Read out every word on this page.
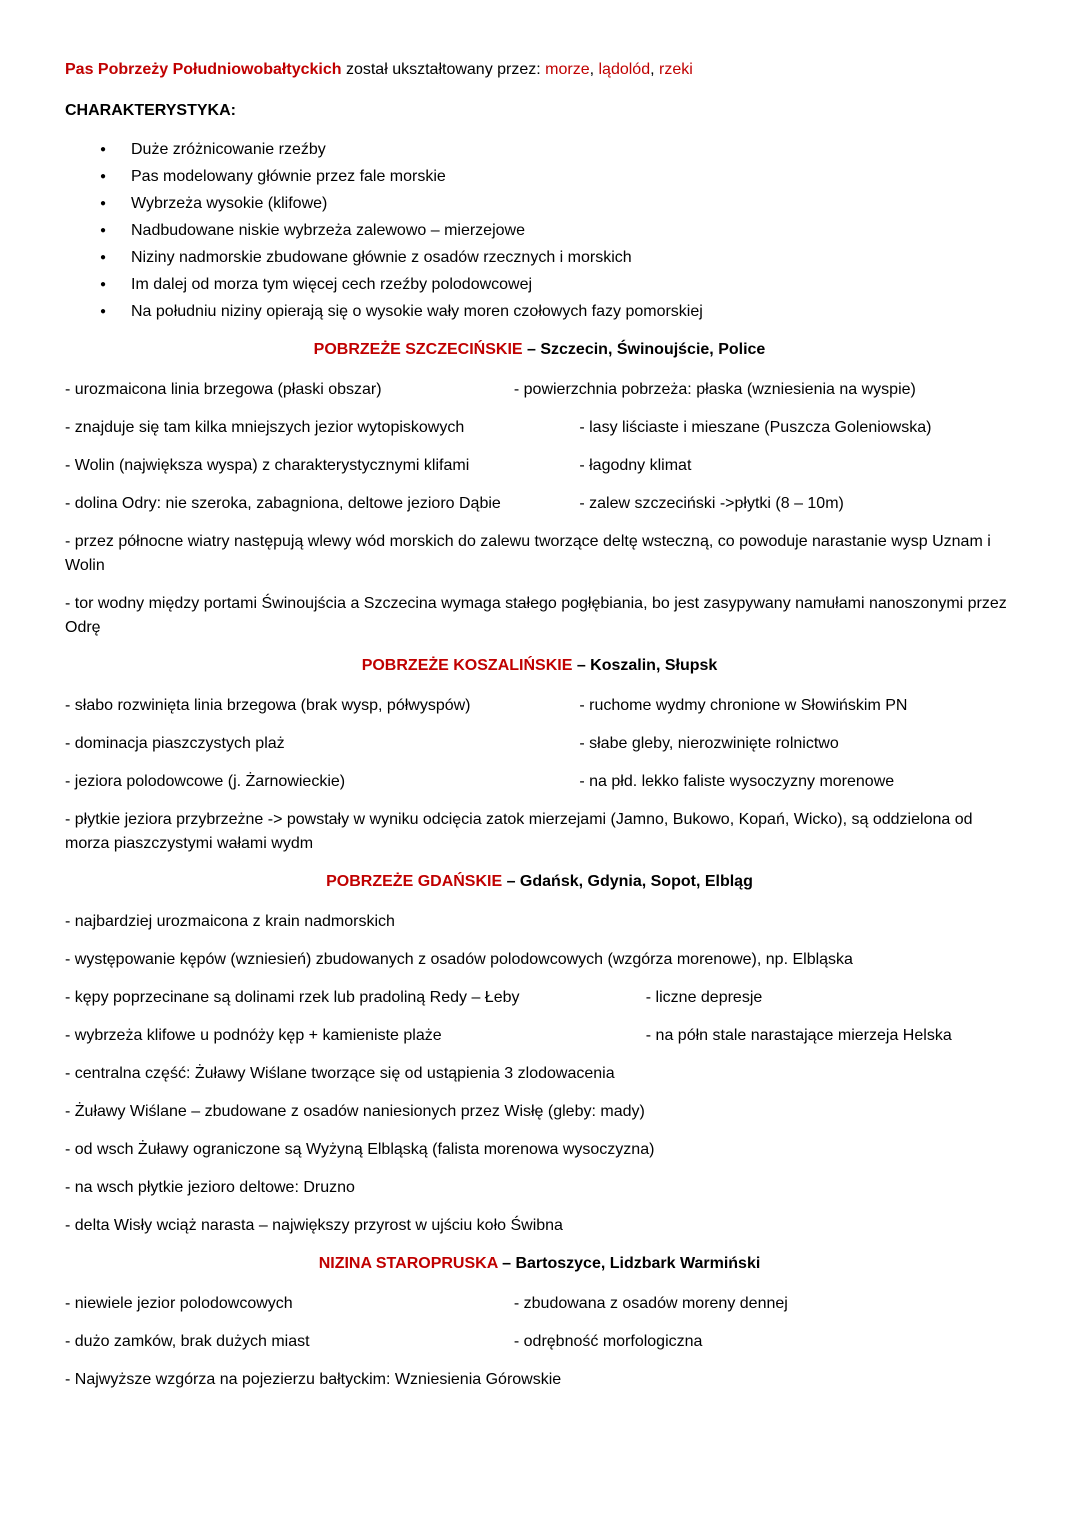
Pas Pobrzeży Południowobałtyckich został ukształtowany przez: morze, lądolód, rzeki

CHARAKTERYSTYKA:

● Duże zróżnicowanie rzeźby
● Pas modelowany głównie przez fale morskie
● Wybrzeża wysokie (klifowe)
● Nadbudowane niskie wybrzeża zalewowo – mierzejowe
● Niziny nadmorskie zbudowane głównie z osadów rzecznych i morskich
● Im dalej od morza tym więcej cech rzeźby polodowcowej
● Na południu niziny opierają się o wysokie wały moren czołowych fazy pomorskiej
POBRZEŻE SZCZECIŃSKIE – Szczecin, Świnoujście, Police
- urozmaicona linia brzegowa (płaski obszar)	- powierzchnia pobrzeża: płaska (wzniesienia na wyspie)
- znajduje się tam kilka mniejszych jezior wytopiskowych	- lasy liściaste i mieszane (Puszcza Goleniowska)
- Wolin (największa wyspa) z charakterystycznymi klifami	- łagodny klimat
- dolina Odry: nie szeroka, zabagniona, deltowe jezioro Dąbie	- zalew szczeciński ->płytki (8 – 10m)

- przez północne wiatry następują wlewy wód morskich do zalewu tworzące deltę wsteczną, co powoduje narastanie wysp Uznam i Wolin

- tor wodny między portami Świnoujścia a Szczecina wymaga stałego pogłębiania, bo jest zasypywany namułami nanoszonymi przez Odrę

POBRZEŻE KOSZALIŃSKIE – Koszalin, Słupsk
- słabo rozwinięta linia brzegowa (brak wysp, półwyspów)	- ruchome wydmy chronione w Słowińskim PN
- dominacja piaszczystych plaż	- słabe gleby, nierozwinięte rolnictwo
- jeziora polodowcowe (j. Żarnowieckie)	- na płd. lekko faliste wysoczyzny morenowe

- płytkie jeziora przybrzeżne -> powstały w wyniku odcięcia zatok mierzejami (Jamno, Bukowo, Kopań, Wicko), są oddzielona od morza piaszczystymi wałami wydm

POBRZEŻE GDAŃSKIE – Gdańsk, Gdynia, Sopot, Elbląg

- najbardziej urozmaicona z krain nadmorskich

- występowanie kępów (wzniesień) zbudowanych z osadów polodowcowych (wzgórza morenowe), np. Elbląska

- kępy poprzecinane są dolinami rzek lub pradoliną Redy – Łeby	- liczne depresje
- wybrzeża klifowe u podnóży kęp + kamieniste plaże	- na półn stale narastające mierzeja Helska

- centralna część: Żuławy Wiślane tworzące się od ustąpienia 3 zlodowacenia

- Żuławy Wiślane – zbudowane z osadów naniesionych przez Wisłę (gleby: mady)

- od wsch Żuławy ograniczone są Wyżyną Elbląską (falista morenowa wysoczyzna)

- na wsch płytkie jezioro deltowe: Druzno

- delta Wisły wciąż narasta – największy przyrost w ujściu koło Świbna

NIZINA STAROPRUSKA – Bartoszyce, Lidzbark Warmiński
- niewiele jezior polodowcowych	- zbudowana z osadów moreny dennej
- dużo zamków, brak dużych miast	- odrębność morfologiczna

- Najwyższe wzgórza na pojezierzu bałtyckim: Wzniesienia Górowskie
